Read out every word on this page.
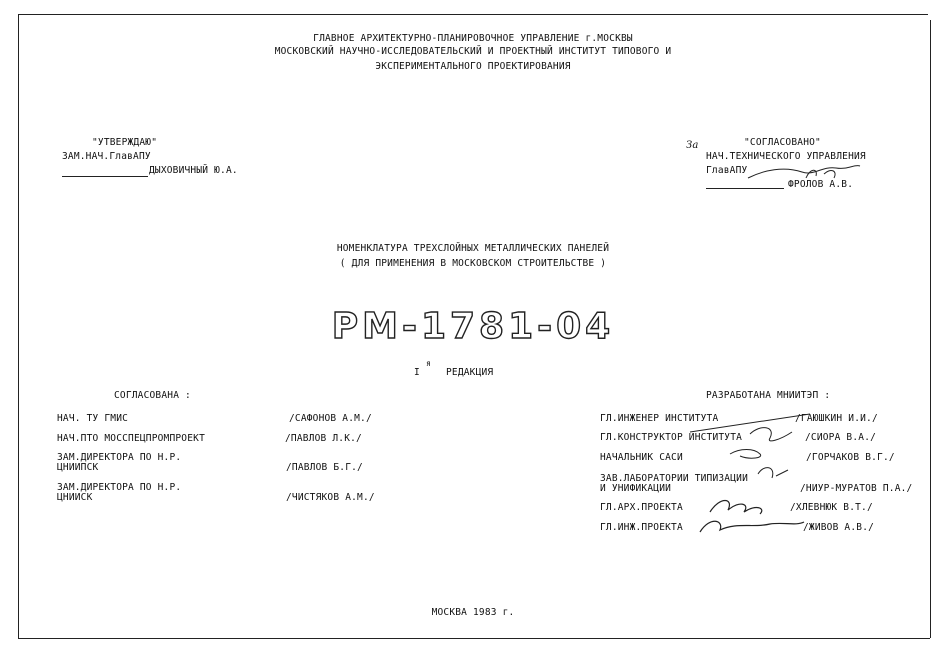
ГЛАВНОЕ АРХИТЕКТУРНО-ПЛАНИРОВОЧНОЕ УПРАВЛЕНИЕ г.МОСКВЫ
МОСКОВСКИЙ НАУЧНО-ИССЛЕДОВАТЕЛЬСКИЙ И ПРОЕКТНЫЙ ИНСТИТУТ ТИПОВОГО И
ЭКСПЕРИМЕНТАЛЬНОГО ПРОЕКТИРОВАНИЯ
"УТВЕРЖДАЮ"
ЗАМ.НАЧ.ГлавАПУ
ДЫХОВИЧНЫЙ Ю.А.
За	"СОГЛАСОВАНО"
НАЧ.ТЕХНИЧЕСКОГО УПРАВЛЕНИЯ
ГлавАПУ
ФРОЛОВ А.В.
НОМЕНКЛАТУРА ТРЕХСЛОЙНЫХ МЕТАЛЛИЧЕСКИХ ПАНЕЛЕЙ
( ДЛЯ ПРИМЕНЕНИЯ В МОСКОВСКОМ СТРОИТЕЛЬСТВЕ )
РМ-1781-04
I
я
РЕДАКЦИЯ
СОГЛАСОВАНА :
НАЧ. ТУ ГМИС	/САФОНОВ А.М./
НАЧ.ПТО МОССПЕЦПРОМПРОЕКТ	/ПАВЛОВ Л.К./
ЗАМ.ДИРЕКТОРА ПО Н.Р.
ЦНИИПСК	/ПАВЛОВ Б.Г./
ЗАМ.ДИРЕКТОРА ПО Н.Р.
ЦНИИСК	/ЧИСТЯКОВ А.М./
РАЗРАБОТАНА МНИИТЭП :
ГЛ.ИНЖЕНЕР ИНСТИТУТА	/ГАЮШКИН И.И./
ГЛ.КОНСТРУКТОР ИНСТИТУТА	/СИОРА В.А./
НАЧАЛЬНИК САСИ	/ГОРЧАКОВ В.Г./
ЗАВ.ЛАБОРАТОРИИ ТИПИЗАЦИИ
И УНИФИКАЦИИ	/НИУР-МУРАТОВ П.А./
ГЛ.АРХ.ПРОЕКТА	/ХЛЕВНЮК В.Т./
ГЛ.ИНЖ.ПРОЕКТА	/ЖИВОВ А.В./
МОСКВА 1983 г.
